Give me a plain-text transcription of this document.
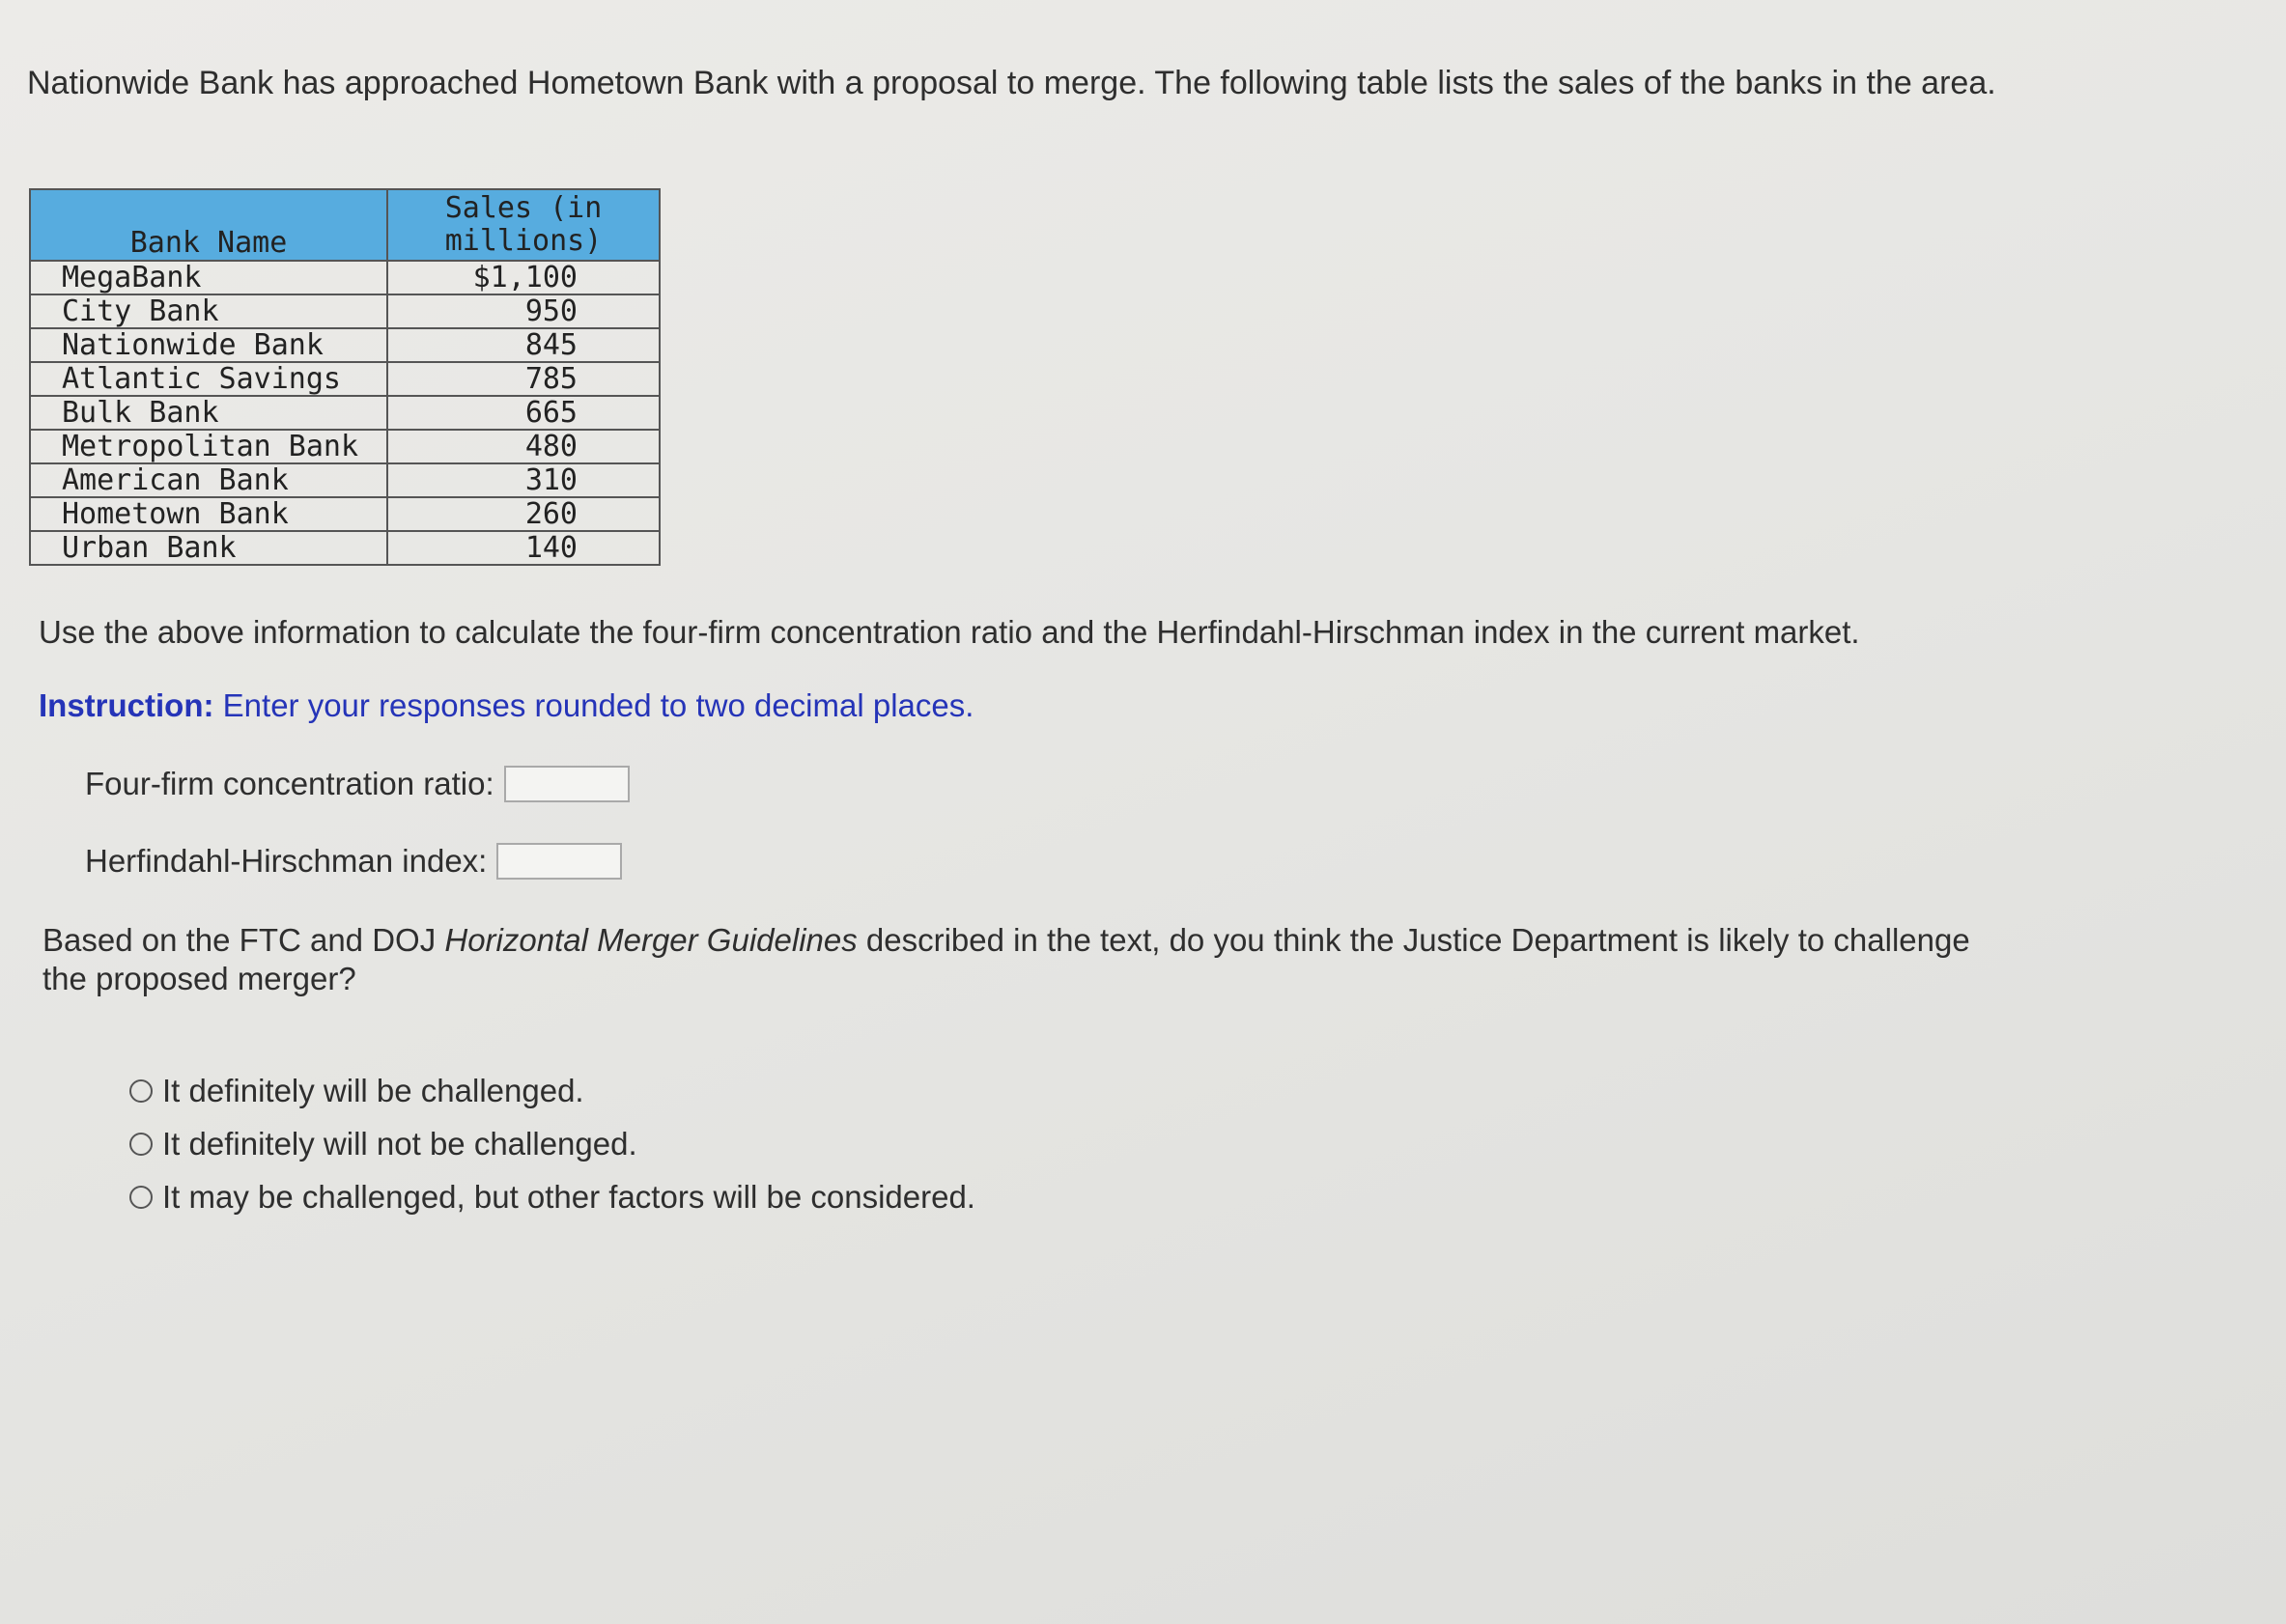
Nationwide Bank has approached Hometown Bank with a proposal to merge. The following table lists the sales of the banks in the area.

Bank Name	Sales (in
millions)
MegaBank	$1,100
City Bank	950
Nationwide Bank	845
Atlantic Savings	785
Bulk Bank	665
Metropolitan Bank	480
American Bank	310
Hometown Bank	260
Urban Bank	140

Use the above information to calculate the four-firm concentration ratio and the Herfindahl-Hirschman index in the current market.

Instruction: Enter your responses rounded to two decimal places.

Four-firm concentration ratio:
Herfindahl-Hirschman index:

Based on the FTC and DOJ Horizontal Merger Guidelines described in the text, do you think the Justice Department is likely to challenge the proposed merger?

It definitely will be challenged.
It definitely will not be challenged.
It may be challenged, but other factors will be considered.
